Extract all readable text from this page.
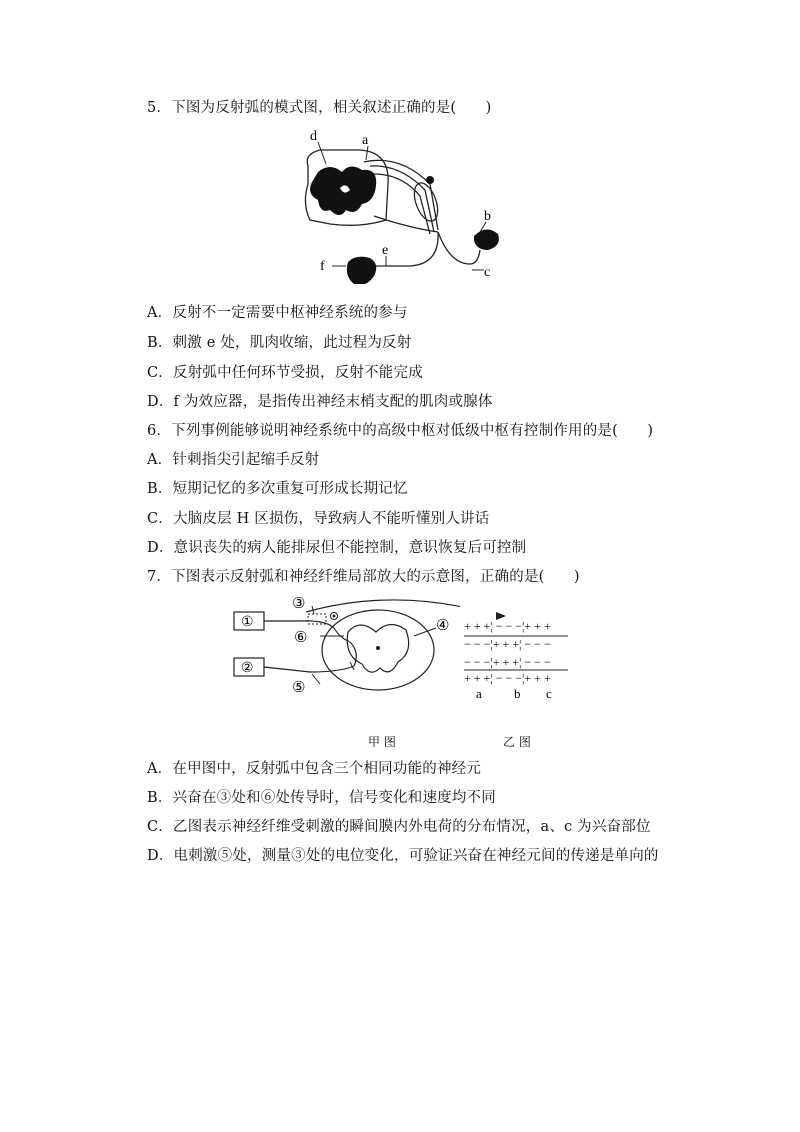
5．下图为反射弧的模式图，相关叙述正确的是(　　)
d	a
b
c
e
f
A．反射不一定需要中枢神经系统的参与
B．刺激 e 处，肌肉收缩，此过程为反射
C．反射弧中任何环节受损，反射不能完成
D．f 为效应器，是指传出神经末梢支配的肌肉或腺体
6．下列事例能够说明神经系统中的高级中枢对低级中枢有控制作用的是(　　)
A．针刺指尖引起缩手反射
B．短期记忆的多次重复可形成长期记忆
C．大脑皮层 H 区损伤，导致病人不能听懂别人讲话
D．意识丧失的病人能排尿但不能控制，意识恢复后可控制
7．下图表示反射弧和神经纤维局部放大的示意图，正确的是(　　)
①
②
③
⑥
⑤
④ + + +¦ − − −¦+ + +
− − −¦+ + +¦ − − −
− − −¦+ + +¦ − − −
+ + +¦ − − −¦+ + +
a b c
甲 图	乙 图
A．在甲图中，反射弧中包含三个相同功能的神经元
B．兴奋在③处和⑥处传导时，信号变化和速度均不同
C．乙图表示神经纤维受刺激的瞬间膜内外电荷的分布情况，a、c 为兴奋部位
D．电刺激⑤处，测量③处的电位变化，可验证兴奋在神经元间的传递是单向的
